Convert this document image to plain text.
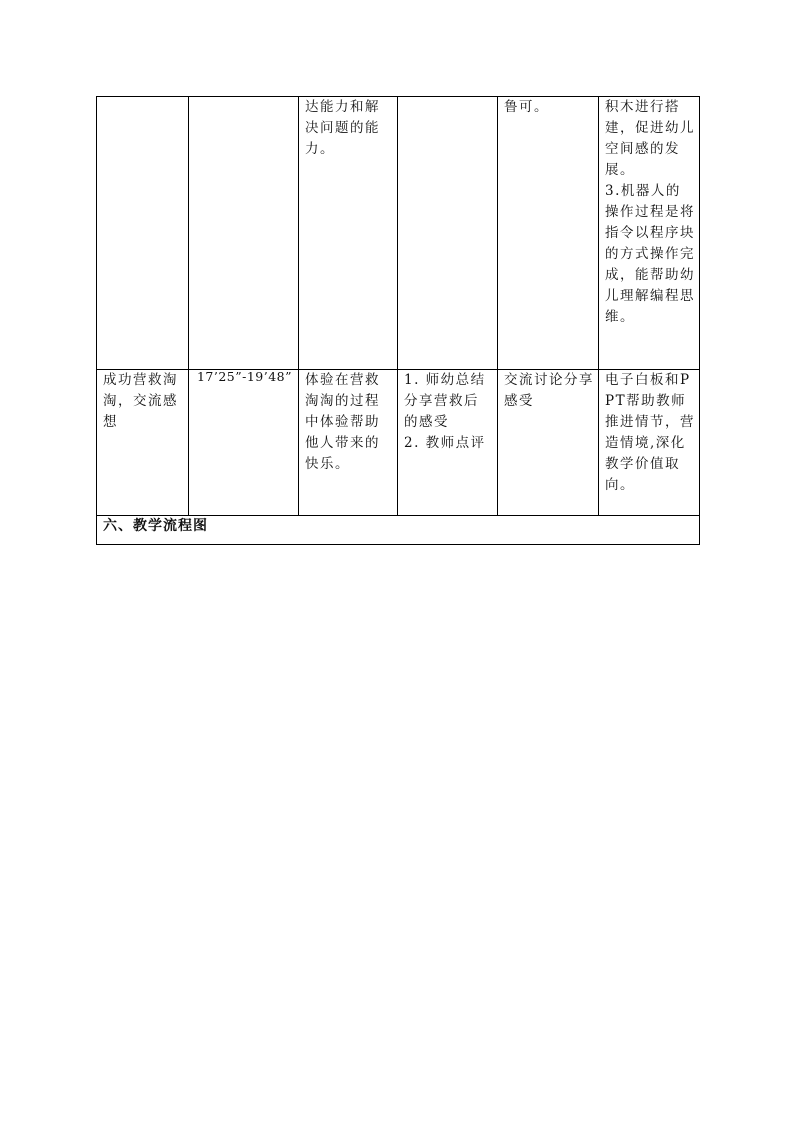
		达能力和解决问题的能力。		鲁可。	积木进行搭建，促进幼儿空间感的发展。
3.机器人的操作过程是将指令以程序块的方式操作完成，能帮助幼儿理解编程思维。

成功营救淘淘，交流感想	17’25”-19’48”	体验在营救淘淘的过程中体验帮助他人带来的快乐。	1. 师幼总结分享营救后的感受
2. 教师点评	交流讨论分享感受	电子白板和PPT帮助教师推进情节，营造情境,深化教学价值取向。

六、教学流程图					
